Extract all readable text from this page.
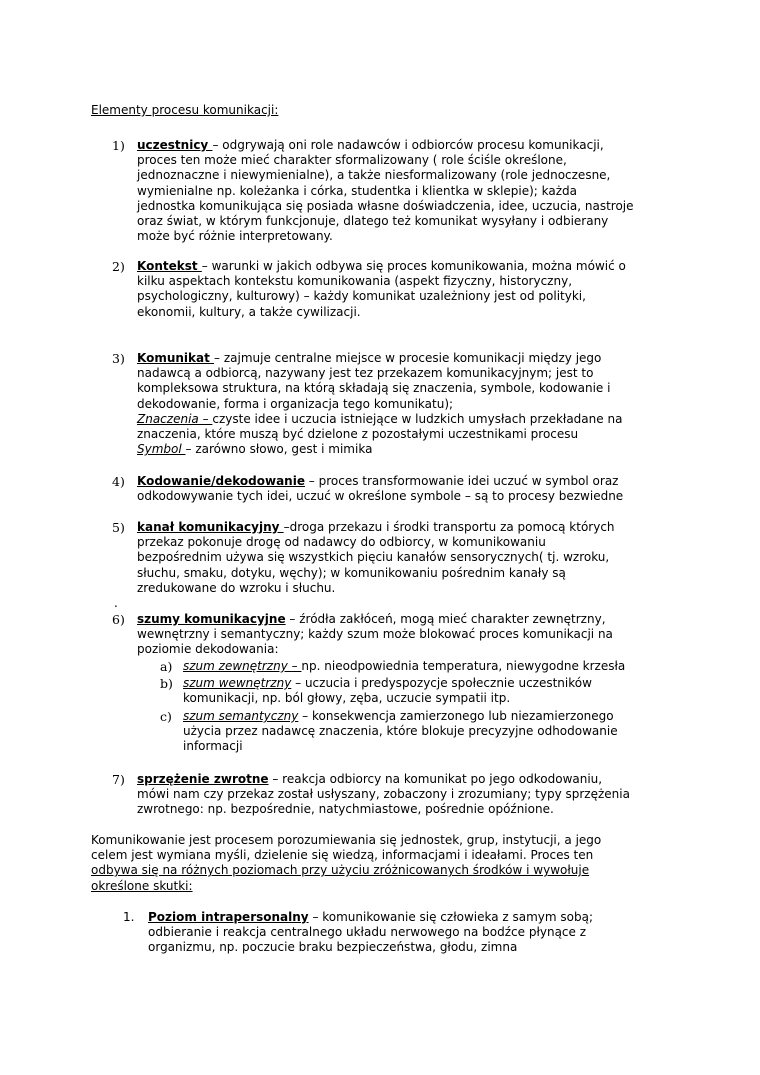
Elementy procesu komunikacji:
1) uczestnicy – odgrywają oni role nadawców i odbiorców procesu komunikacji,
proces ten może mieć charakter sformalizowany ( role ściśle określone,
jednoznaczne i niewymienialne), a także niesformalizowany (role jednoczesne,
wymienialne np. koleżanka i córka, studentka i klientka w sklepie); każda
jednostka komunikująca się posiada własne doświadczenia, idee, uczucia, nastroje
oraz świat, w którym funkcjonuje, dlatego też komunikat wysyłany i odbierany
może być różnie interpretowany.
2) Kontekst – warunki w jakich odbywa się proces komunikowania, można mówić o
kilku aspektach kontekstu komunikowania (aspekt fizyczny, historyczny,
psychologiczny, kulturowy) – każdy komunikat uzależniony jest od polityki,
ekonomii, kultury, a także cywilizacji.
3) Komunikat – zajmuje centralne miejsce w procesie komunikacji między jego
nadawcą a odbiorcą, nazywany jest tez przekazem komunikacyjnym; jest to
kompleksowa struktura, na którą składają się znaczenia, symbole, kodowanie i
dekodowanie, forma i organizacja tego komunikatu);
Znaczenia – czyste idee i uczucia istniejące w ludzkich umysłach przekładane na
znaczenia, które muszą być dzielone z pozostałymi uczestnikami procesu
Symbol – zarówno słowo, gest i mimika
4) Kodowanie/dekodowanie – proces transformowanie idei uczuć w symbol oraz
odkodowywanie tych idei, uczuć w określone symbole – są to procesy bezwiedne
5) kanał komunikacyjny –droga przekazu i środki transportu za pomocą których
przekaz pokonuje drogę od nadawcy do odbiorcy, w komunikowaniu
bezpośrednim używa się wszystkich pięciu kanałów sensorycznych( tj. wzroku,
słuchu, smaku, dotyku, węchy); w komunikowaniu pośrednim kanały są
zredukowane do wzroku i słuchu.
.
6) szumy komunikacyjne – źródła zakłóceń, mogą mieć charakter zewnętrzny,
wewnętrzny i semantyczny; każdy szum może blokować proces komunikacji na
poziomie dekodowania:
a) szum zewnętrzny – np. nieodpowiednia temperatura, niewygodne krzesła
b) szum wewnętrzny – uczucia i predyspozycje społecznie uczestników
komunikacji, np. ból głowy, zęba, uczucie sympatii itp.
c) szum semantyczny – konsekwencja zamierzonego lub niezamierzonego
użycia przez nadawcę znaczenia, które blokuje precyzyjne odhodowanie
informacji
7) sprzężenie zwrotne – reakcja odbiorcy na komunikat po jego odkodowaniu,
mówi nam czy przekaz został usłyszany, zobaczony i zrozumiany; typy sprzężenia
zwrotnego: np. bezpośrednie, natychmiastowe, pośrednie opóźnione.
Komunikowanie jest procesem porozumiewania się jednostek, grup, instytucji, a jego
celem jest wymiana myśli, dzielenie się wiedzą, informacjami i ideałami. Proces ten
odbywa się na różnych poziomach przy użyciu zróżnicowanych środków i wywołuje
określone skutki:
1. Poziom intrapersonalny – komunikowanie się człowieka z samym sobą;
odbieranie i reakcja centralnego układu nerwowego na bodźce płynące z
organizmu, np. poczucie braku bezpieczeństwa, głodu, zimna
